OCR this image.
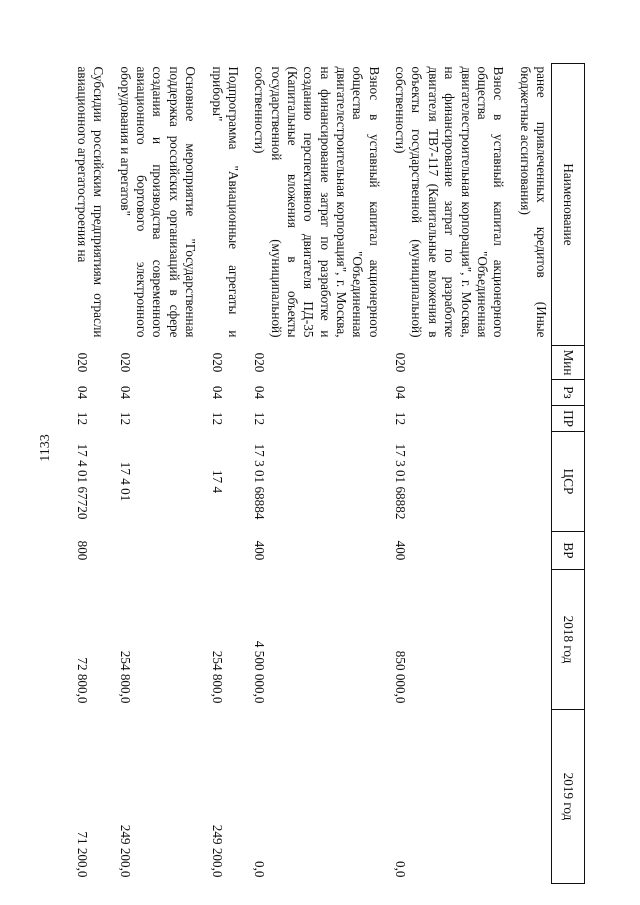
1133
Наименование	Мин	Рз	ПР	ЦСР	ВР	2018 год	2019 год
ранее привлеченных кредитов (Иные бюджетные ассигнования)							

Взнос в уставный капитал акционерного общества "Объединенная двигателестроительная корпорация", г. Москва, на финансирование затрат по разработке двигателя ТВ7-117 (Капитальные вложения в объекты государственной (муниципальной) собственности)	020	04	12	17 3 01 68882	400	850 000,0	0,0

Взнос в уставный капитал акционерного общества "Объединенная двигателестроительная корпорация", г. Москва, на финансирование затрат по разработке и созданию перспективного двигателя ПД-35 (Капитальные вложения в объекты государственной (муниципальной) собственности)	020	04	12	17 3 01 68884	400	4 500 000,0	0,0

Подпрограмма "Авиационные агрегаты и приборы"	020	04	12	17 4		254 800,0	249 200,0

Основное мероприятие "Государственная поддержка российских организаций в сфере создания и производства современного авиационного бортового электронного оборудования и агрегатов"	020	04	12	17 4 01		254 800,0	249 200,0

Субсидии российским предприятиям отрасли авиационного агрегатостроения на	020	04	12	17 4 01 67720	800	72 800,0	71 200,0
